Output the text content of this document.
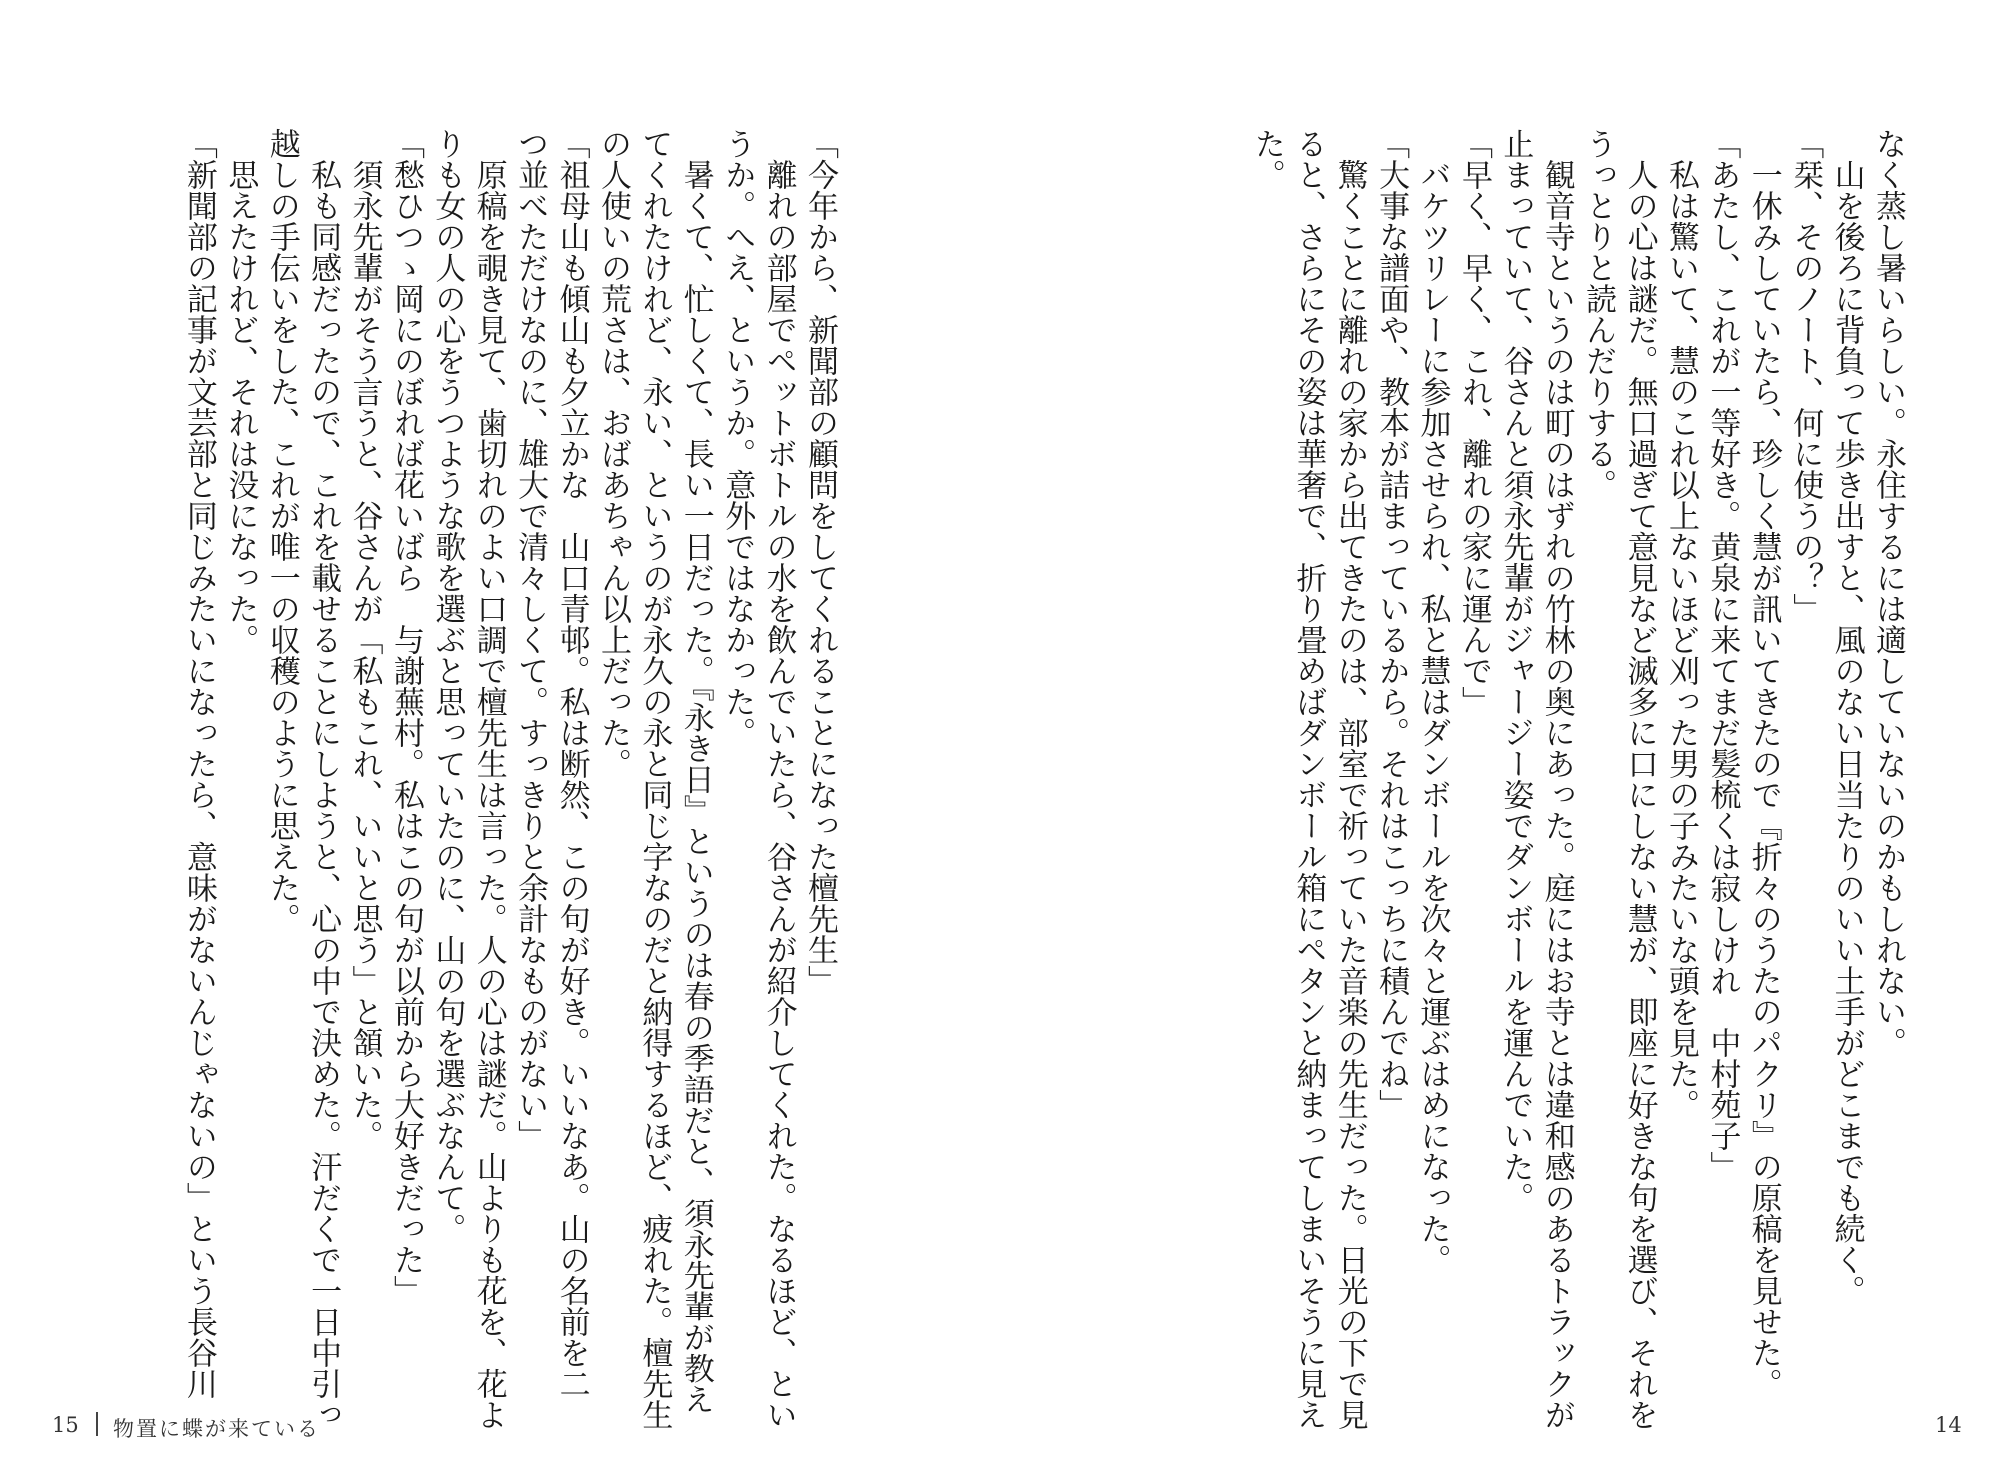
なく蒸し暑いらしい。永住するには適していないのかもしれない。
　山を後ろに背負って歩き出すと、風のない日当たりのいい土手がどこまでも続く。
「栞、そのノート、何に使うの？」
　一休みしていたら、珍しく慧が訊いてきたので『折々のうたのパクリ』の原稿を見せた。
「あたし、これが一等好き。黄泉に来てまだ髪梳くは寂しけれ　中村苑子」
　私は驚いて、慧のこれ以上ないほど刈った男の子みたいな頭を見た。
　人の心は謎だ。無口過ぎて意見など滅多に口にしない慧が、即座に好きな句を選び、それを
うっとりと読んだりする。
　観音寺というのは町のはずれの竹林の奥にあった。庭にはお寺とは違和感のあるトラックが
止まっていて、谷さんと須永先輩がジャージー姿でダンボールを運んでいた。
「早く、早く、これ、離れの家に運んで」
　バケツリレーに参加させられ、私と慧はダンボールを次々と運ぶはめになった。
「大事な譜面や、教本が詰まっているから。それはこっちに積んでね」
　驚くことに離れの家から出てきたのは、部室で祈っていた音楽の先生だった。日光の下で見
ると、さらにその姿は華奢で、折り畳めばダンボール箱にペタンと納まってしまいそうに見え
た。
「今年から、新聞部の顧問をしてくれることになった檀先生」
　離れの部屋でペットボトルの水を飲んでいたら、谷さんが紹介してくれた。なるほど、とい
うか。へえ、というか。意外ではなかった。
　暑くて、忙しくて、長い一日だった。『永き日』というのは春の季語だと、須永先輩が教え
てくれたけれど、永い、というのが永久の永と同じ字なのだと納得するほど、疲れた。檀先生
の人使いの荒さは、おばあちゃん以上だった。
「祖母山も傾山も夕立かな　山口青邨。私は断然、この句が好き。いいなあ。山の名前を二
つ並べただけなのに、雄大で清々しくて。すっきりと余計なものがない」
　原稿を覗き見て、歯切れのよい口調で檀先生は言った。人の心は謎だ。山よりも花を、花よ
りも女の人の心をうつような歌を選ぶと思っていたのに、山の句を選ぶなんて。
「愁ひつゝ岡にのぼれば花いばら　与謝蕪村。私はこの句が以前から大好きだった」
　須永先輩がそう言うと、谷さんが「私もこれ、いいと思う」と頷いた。
　私も同感だったので、これを載せることにしようと、心の中で決めた。汗だくで一日中引っ
越しの手伝いをした、これが唯一の収穫のように思えた。
　思えたけれど、それは没になった。
「新聞部の記事が文芸部と同じみたいになったら、意味がないんじゃないの」という長谷川
15 物置に蝶が来ている	14
